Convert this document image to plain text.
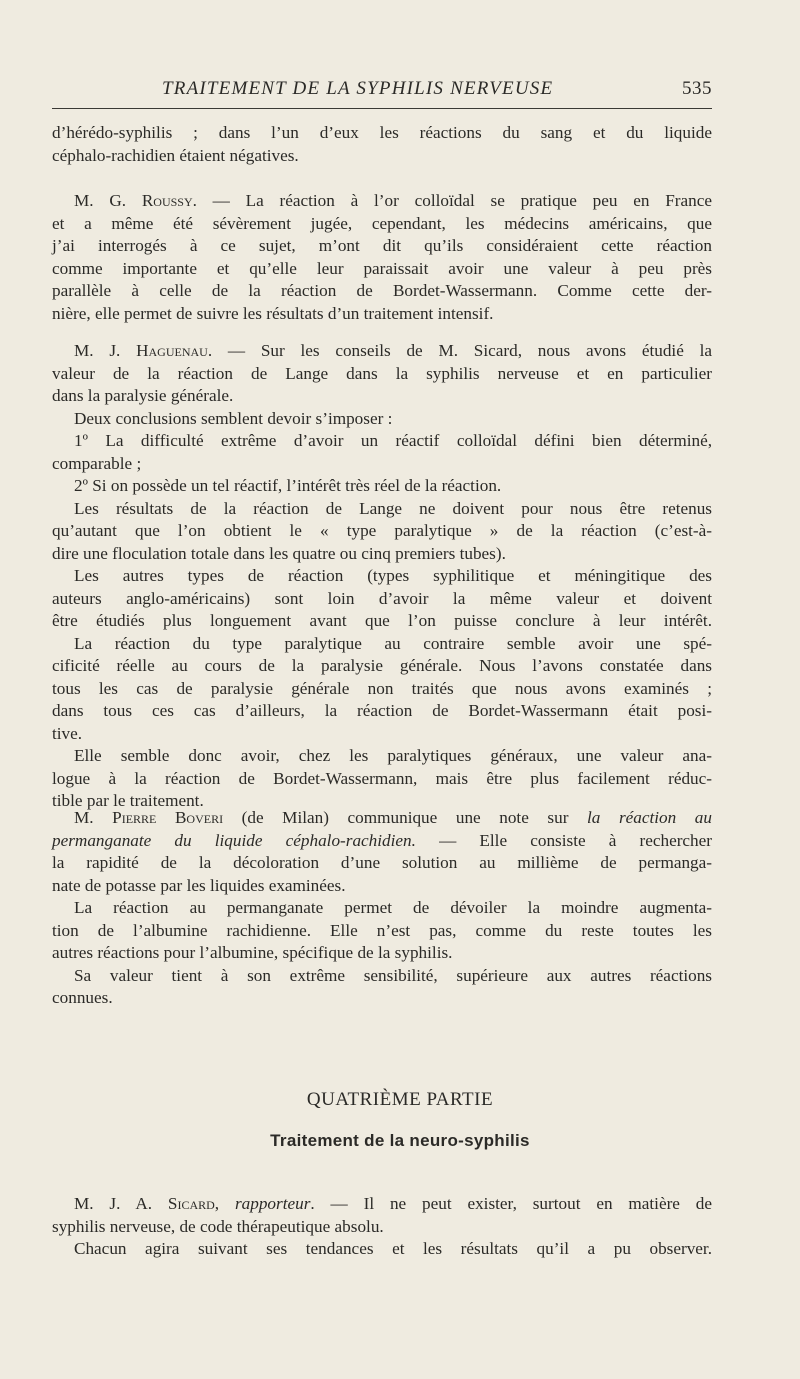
TRAITEMENT DE LA SYPHILIS NERVEUSE	535
d’hérédo-syphilis ; dans l’un d’eux les réactions du sang et du liquide
céphalo-rachidien étaient négatives.
M. G. Roussy. — La réaction à l’or colloïdal se pratique peu en France
et a même été sévèrement jugée, cependant, les médecins américains, que
j’ai interrogés à ce sujet, m’ont dit qu’ils considéraient cette réaction
comme importante et qu’elle leur paraissait avoir une valeur à peu près
parallèle à celle de la réaction de Bordet-Wassermann. Comme cette der-
nière, elle permet de suivre les résultats d’un traitement intensif.
M. J. Haguenau. — Sur les conseils de M. Sicard, nous avons étudié la
valeur de la réaction de Lange dans la syphilis nerveuse et en particulier
dans la paralysie générale.
Deux conclusions semblent devoir s’imposer :
1º La difficulté extrême d’avoir un réactif colloïdal défini bien déterminé,
comparable ;
2º Si on possède un tel réactif, l’intérêt très réel de la réaction.
Les résultats de la réaction de Lange ne doivent pour nous être retenus
qu’autant que l’on obtient le « type paralytique » de la réaction (c’est-à-
dire une floculation totale dans les quatre ou cinq premiers tubes).
Les autres types de réaction (types syphilitique et méningitique des
auteurs anglo-américains) sont loin d’avoir la même valeur et doivent
être étudiés plus longuement avant que l’on puisse conclure à leur intérêt.
La réaction du type paralytique au contraire semble avoir une spé-
cificité réelle au cours de la paralysie générale. Nous l’avons constatée dans
tous les cas de paralysie générale non traités que nous avons examinés ;
dans tous ces cas d’ailleurs, la réaction de Bordet-Wassermann était posi-
tive.
Elle semble donc avoir, chez les paralytiques généraux, une valeur ana-
logue à la réaction de Bordet-Wassermann, mais être plus facilement réduc-
tible par le traitement.
M. Pierre Boveri (de Milan) communique une note sur la réaction au
permanganate du liquide céphalo-rachidien. — Elle consiste à rechercher
la rapidité de la décoloration d’une solution au millième de permanga-
nate de potasse par les liquides examinées.
La réaction au permanganate permet de dévoiler la moindre augmenta-
tion de l’albumine rachidienne. Elle n’est pas, comme du reste toutes les
autres réactions pour l’albumine, spécifique de la syphilis.
Sa valeur tient à son extrême sensibilité, supérieure aux autres réactions
connues.
QUATRIÈME PARTIE
Traitement de la neuro-syphilis
M. J. A. Sicard, rapporteur. — Il ne peut exister, surtout en matière de
syphilis nerveuse, de code thérapeutique absolu.
Chacun agira suivant ses tendances et les résultats qu’il a pu observer.
